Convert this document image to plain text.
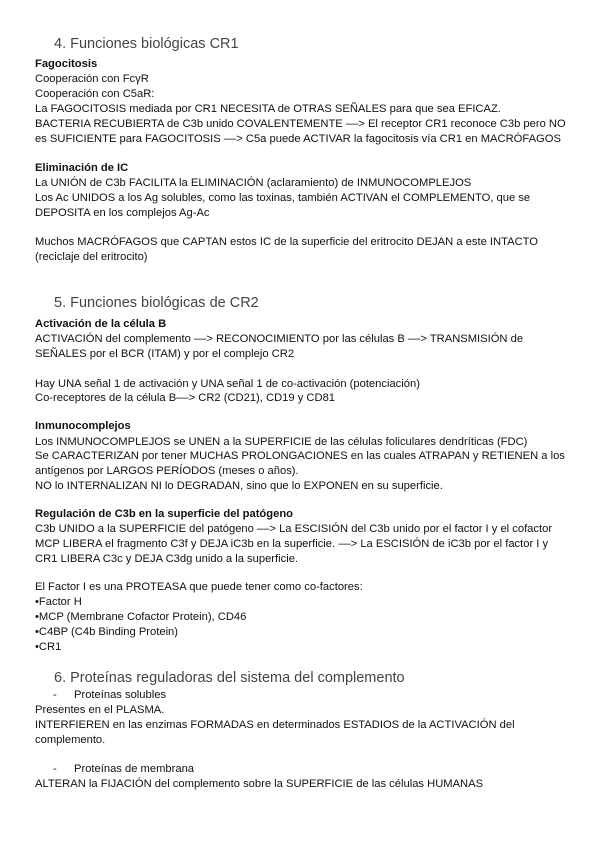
4. Funciones biológicas CR1
Fagocitosis
Cooperación con FcγR
Cooperación con C5aR:
La FAGOCITOSIS mediada por CR1 NECESITA de OTRAS SEÑALES para que sea EFICAZ.
BACTERIA RECUBIERTA de C3b unido COVALENTEMENTE ––> El receptor CR1 reconoce C3b pero NO
es SUFICIENTE para FAGOCITOSIS ––> C5a puede ACTIVAR la fagocitosis vía CR1 en MACRÓFAGOS
Eliminación de IC
La UNIÓN de C3b FACILITA la ELIMINACIÓN (aclaramiento) de INMUNOCOMPLEJOS
Los Ac UNIDOS a los Ag solubles, como las toxinas, también ACTIVAN el COMPLEMENTO, que se
DEPOSITA en los complejos Ag-Ac
Muchos MACRÓFAGOS que CAPTAN estos IC de la superficie del eritrocito DEJAN a este INTACTO
(reciclaje del eritrocito)
5. Funciones biológicas de CR2
Activación de la célula B
ACTIVACIÓN del complemento ––> RECONOCIMIENTO por las células B ––> TRANSMISIÓN de
SEÑALES por el BCR (ITAM) y por el complejo CR2
Hay UNA señal 1 de activación y UNA señal 1 de co-activación (potenciación)
Co-receptores de la célula B––> CR2 (CD21), CD19 y CD81
Inmunocomplejos
Los INMUNOCOMPLEJOS se UNEN a la SUPERFICIE de las células foliculares dendríticas (FDC)
Se CARACTERIZAN por tener MUCHAS PROLONGACIONES en las cuales ATRAPAN y RETIENEN a los
antígenos por LARGOS PERÍODOS (meses o años).
NO lo INTERNALIZAN NI lo DEGRADAN, sino que lo EXPONEN en su superficie.
Regulación de C3b en la superficie del patógeno
C3b UNIDO a la SUPERFICIE del patógeno ––> La ESCISIÓN del C3b unido por el factor I y el cofactor
MCP LIBERA el fragmento C3f y DEJA iC3b en la superficie. ––> La ESCISIÓN de iC3b por el factor I y
CR1 LIBERA C3c y DEJA C3dg unido a la superficie.
El Factor I es una PROTEASA que puede tener como co-factores:
•Factor H
•MCP (Membrane Cofactor Protein), CD46
•C4BP (C4b Binding Protein)
•CR1
6. Proteínas reguladoras del sistema del complemento
- Proteínas solubles
Presentes en el PLASMA.
INTERFIEREN en las enzimas FORMADAS en determinados ESTADIOS de la ACTIVACIÓN del
complemento.
- Proteínas de membrana
ALTERAN la FIJACIÓN del complemento sobre la SUPERFICIE de las células HUMANAS
